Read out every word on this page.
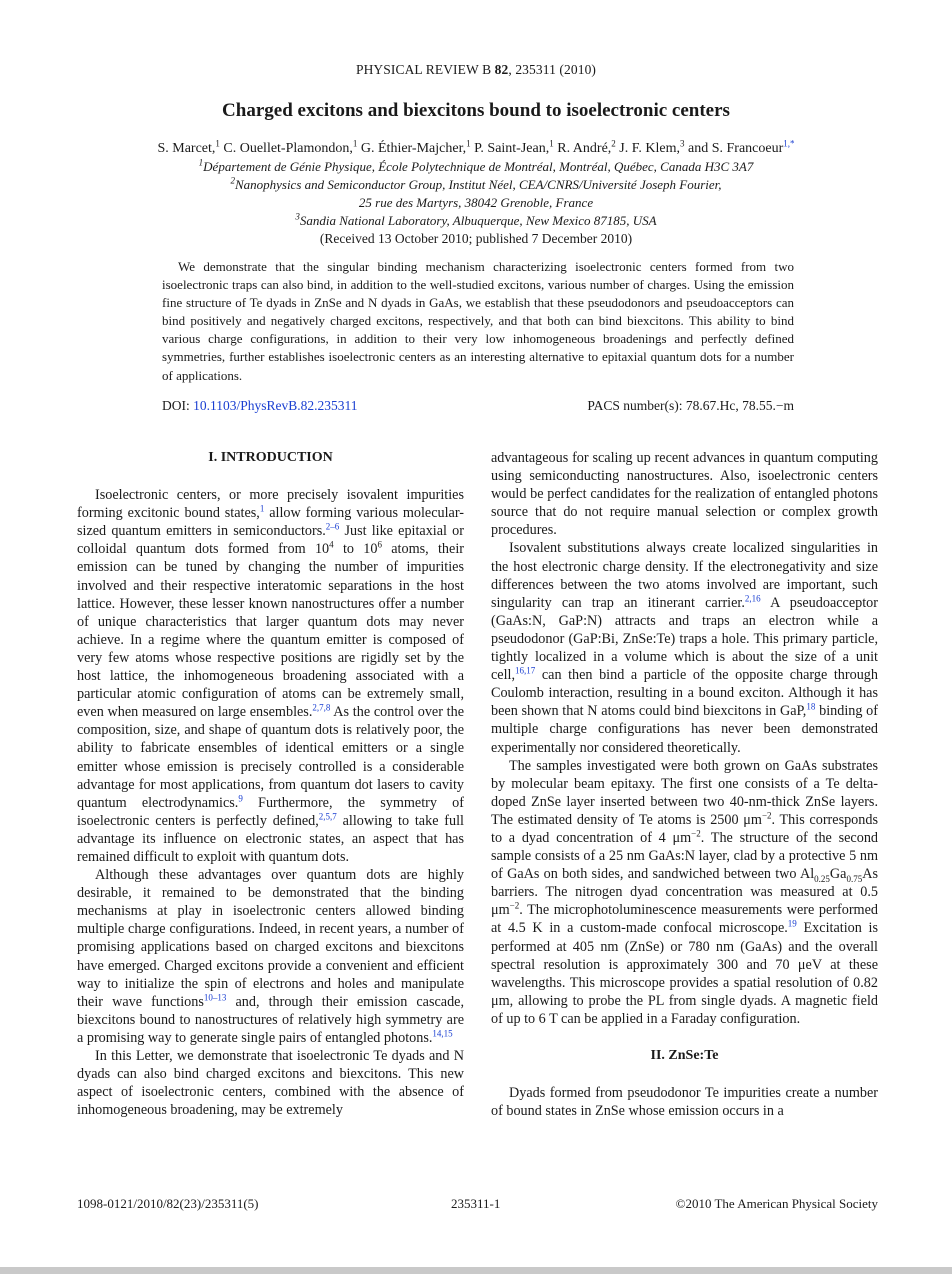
PHYSICAL REVIEW B 82, 235311 (2010)
Charged excitons and biexcitons bound to isoelectronic centers
S. Marcet,$^1$ C. Ouellet-Plamondon,$^1$ G. Éthier-Majcher,$^1$ P. Saint-Jean,$^1$ R. André,$^2$ J. F. Klem,$^3$ and S. Francoeur$^{1,*}$
$^1$Département de Génie Physique, École Polytechnique de Montréal, Montréal, Québec, Canada H3C 3A7
$^2$Nanophysics and Semiconductor Group, Institut Néel, CEA/CNRS/Université Joseph Fourier,
25 rue des Martyrs, 38042 Grenoble, France
$^3$Sandia National Laboratory, Albuquerque, New Mexico 87185, USA
(Received 13 October 2010; published 7 December 2010)

We demonstrate that the singular binding mechanism characterizing isoelectronic centers formed from two isoelectronic traps can also bind, in addition to the well-studied excitons, various number of charges. Using the emission fine structure of Te dyads in ZnSe and N dyads in GaAs, we establish that these pseudodonors and pseudoacceptors can bind positively and negatively charged excitons, respectively, and that both can bind biexcitons. This ability to bind various charge configurations, in addition to their very low inhomogeneous broadenings and perfectly defined symmetries, further establishes isoelectronic centers as an interesting alternative to epitaxial quantum dots for a number of applications.

DOI: 10.1103/PhysRevB.82.235311	PACS number(s): 78.67.Hc, 78.55.−m

I. INTRODUCTION

Isoelectronic centers, or more precisely isovalent impurities forming excitonic bound states,$^1$ allow forming various molecular-sized quantum emitters in semiconductors.$^{2-6}$ Just like epitaxial or colloidal quantum dots formed from $10^4$ to $10^6$ atoms, their emission can be tuned by changing the number of impurities involved and their respective interatomic separations in the host lattice. However, these lesser known nanostructures offer a number of unique characteristics that larger quantum dots may never achieve. In a regime where the quantum emitter is composed of very few atoms whose respective positions are rigidly set by the host lattice, the inhomogeneous broadening associated with a particular atomic configuration of atoms can be extremely small, even when measured on large ensembles.$^{2,7,8}$ As the control over the composition, size, and shape of quantum dots is relatively poor, the ability to fabricate ensembles of identical emitters or a single emitter whose emission is precisely controlled is a considerable advantage for most applications, from quantum dot lasers to cavity quantum electrodynamics.$^9$ Furthermore, the symmetry of isoelectronic centers is perfectly defined,$^{2,5,7}$ allowing to take full advantage its influence on electronic states, an aspect that has remained difficult to exploit with quantum dots.

Although these advantages over quantum dots are highly desirable, it remained to be demonstrated that the binding mechanisms at play in isoelectronic centers allowed binding multiple charge configurations. Indeed, in recent years, a number of promising applications based on charged excitons and biexcitons have emerged. Charged excitons provide a convenient and efficient way to initialize the spin of electrons and holes and manipulate their wave functions$^{10-13}$ and, through their emission cascade, biexcitons bound to nanostructures of relatively high symmetry are a promising way to generate single pairs of entangled photons.$^{14,15}$

In this Letter, we demonstrate that isoelectronic Te dyads and N dyads can also bind charged excitons and biexcitons. This new aspect of isoelectronic centers, combined with the absence of inhomogeneous broadening, may be extremely

advantageous for scaling up recent advances in quantum computing using semiconducting nanostructures. Also, isoelectronic centers would be perfect candidates for the realization of entangled photons source that do not require manual selection or complex growth procedures.

Isovalent substitutions always create localized singularities in the host electronic charge density. If the electronegativity and size differences between the two atoms involved are important, such singularity can trap an itinerant carrier.$^{2,16}$ A pseudoacceptor (GaAs:N, GaP:N) attracts and traps an electron while a pseudodonor (GaP:Bi, ZnSe:Te) traps a hole. This primary particle, tightly localized in a volume which is about the size of a unit cell,$^{16,17}$ can then bind a particle of the opposite charge through Coulomb interaction, resulting in a bound exciton. Although it has been shown that N atoms could bind biexcitons in GaP,$^{18}$ binding of multiple charge configurations has never been demonstrated experimentally nor considered theoretically.

The samples investigated were both grown on GaAs substrates by molecular beam epitaxy. The first one consists of a Te delta-doped ZnSe layer inserted between two 40-nm-thick ZnSe layers. The estimated density of Te atoms is 2500 $\mu m^{-2}$. This corresponds to a dyad concentration of 4 $\mu m^{-2}$. The structure of the second sample consists of a 25 nm GaAs:N layer, clad by a protective 5 nm of GaAs on both sides, and sandwiched between two $Al_{0.25}Ga_{0.75}As$ barriers. The nitrogen dyad concentration was measured at 0.5 $\mu m^{-2}$. The microphotoluminescence measurements were performed at 4.5 K in a custom-made confocal microscope.$^{19}$ Excitation is performed at 405 nm (ZnSe) or 780 nm (GaAs) and the overall spectral resolution is approximately 300 and 70 μeV at these wavelengths. This microscope provides a spatial resolution of 0.82 μm, allowing to probe the PL from single dyads. A magnetic field of up to 6 T can be applied in a Faraday configuration.

II. ZnSe:Te

Dyads formed from pseudodonor Te impurities create a number of bound states in ZnSe whose emission occurs in a

1098-0121/2010/82(23)/235311(5)	235311-1	©2010 The American Physical Society
